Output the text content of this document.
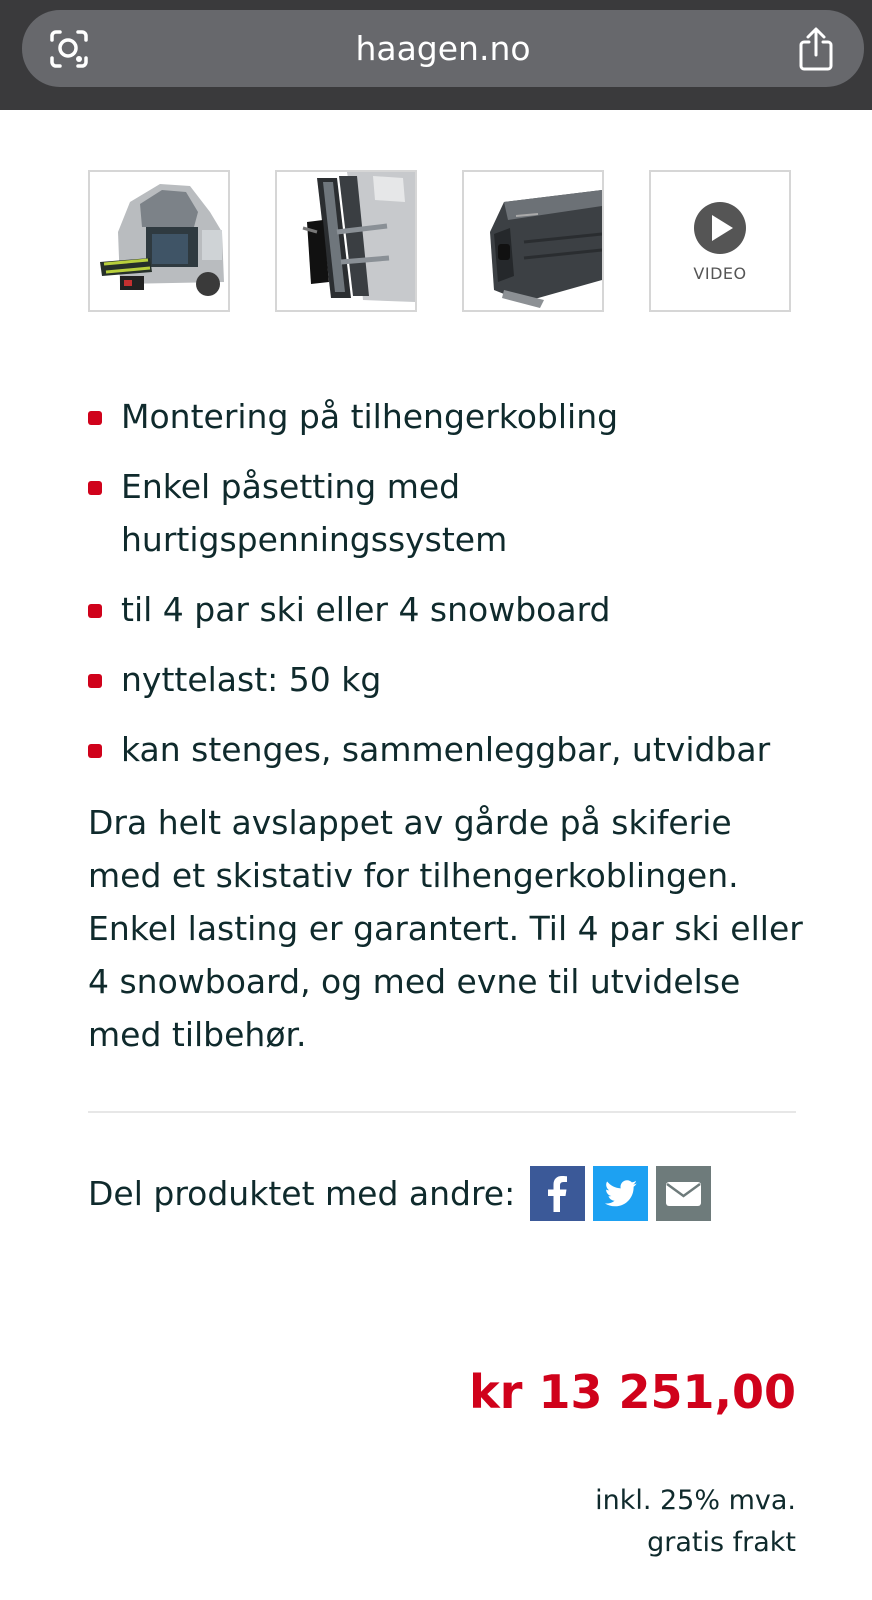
haagen.no
VIDEO
Montering på tilhengerkobling
Enkel påsetting med hurtigspenningssystem
til 4 par ski eller 4 snowboard
nyttelast: 50 kg
kan stenges, sammenleggbar, utvidbar

Dra helt avslappet av gårde på skiferie med et skistativ for tilhengerkoblingen. Enkel lasting er garantert. Til 4 par ski eller 4 snowboard, og med evne til utvidelse med tilbehør.

Del produktet med andre:
kr 13 251,00
inkl. 25% mva.
gratis frakt
